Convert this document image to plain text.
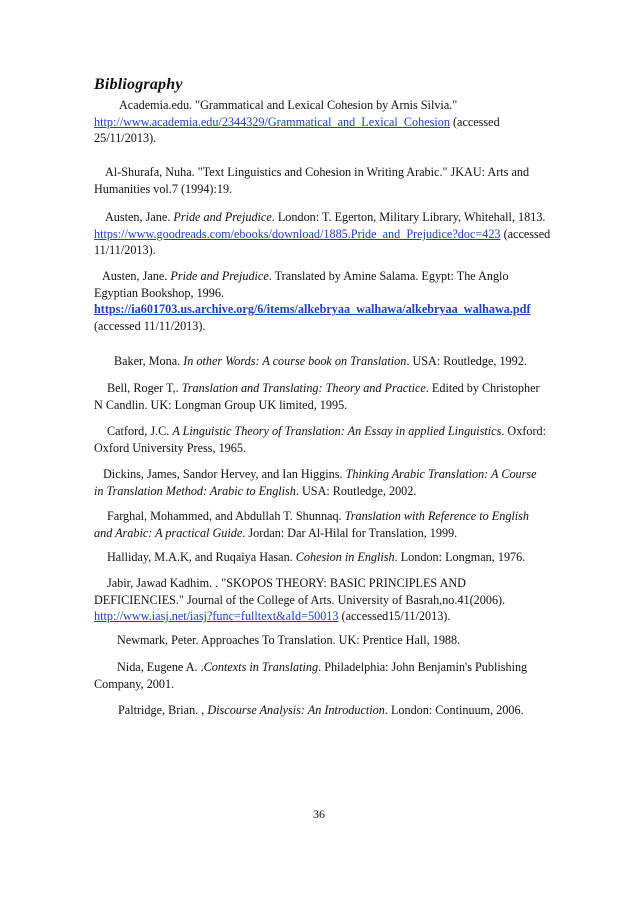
Bibliography

Academia.edu. "Grammatical and Lexical Cohesion by Arnis Silvia."

http://www.academia.edu/2344329/Grammatical_and_Lexical_Cohesion (accessed

25/11/2013).

Al-Shurafa, Nuha. "Text Linguistics and Cohesion in Writing Arabic." JKAU: Arts and

Humanities vol.7 (1994):19.

Austen, Jane. Pride and Prejudice. London: T. Egerton, Military Library, Whitehall, 1813.

https://www.goodreads.com/ebooks/download/1885.Pride_and_Prejudice?doc=423 (accessed

11/11/2013).

Austen, Jane. Pride and Prejudice. Translated by Amine Salama. Egypt: The Anglo

Egyptian Bookshop, 1996.

https://ia601703.us.archive.org/6/items/alkebryaa_walhawa/alkebryaa_walhawa.pdf

(accessed 11/11/2013).

Baker, Mona. In other Words: A course book on Translation. USA: Routledge, 1992.

Bell, Roger T,. Translation and Translating: Theory and Practice. Edited by Christopher

N Candlin. UK: Longman Group UK limited, 1995.

Catford, J.C. A Linguistic Theory of Translation: An Essay in applied Linguistics. Oxford:

Oxford University Press, 1965.

Dickins, James, Sandor Hervey, and Ian Higgins. Thinking Arabic Translation: A Course

in Translation Method: Arabic to English. USA: Routledge, 2002.

Farghal, Mohammed, and Abdullah T. Shunnaq. Translation with Reference to English

and Arabic: A practical Guide. Jordan: Dar Al-Hilal for Translation, 1999.

Halliday, M.A.K, and Ruqaiya Hasan. Cohesion in English. London: Longman, 1976.

Jabir, Jawad Kadhim. . "SKOPOS THEORY: BASIC PRINCIPLES AND

DEFICIENCIES." Journal of the College of Arts. University of Basrah,no.41(2006).

http://www.iasj.net/iasj?func=fulltext&aId=50013 (accessed15/11/2013).

Newmark, Peter. Approaches To Translation. UK: Prentice Hall, 1988.

Nida, Eugene A. .Contexts in Translating. Philadelphia: John Benjamin's Publishing

Company, 2001.

Paltridge, Brian. , Discourse Analysis: An Introduction. London: Continuum, 2006.

36
